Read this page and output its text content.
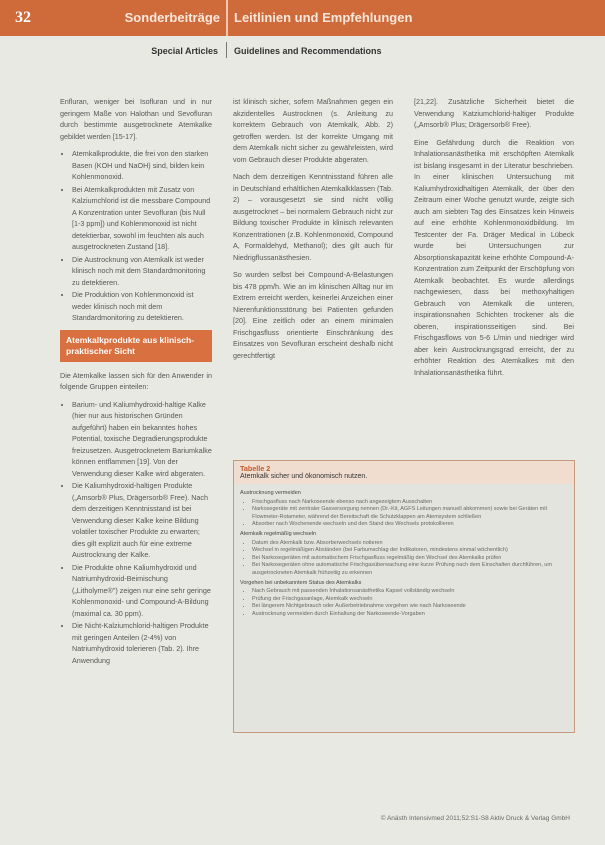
32	Sonderbeiträge Leitlinien und Empfehlungen
Special Articles Guidelines and Recommendations

Enfluran, weniger bei Isofluran und in nur geringem Maße von Halothan und Sevofluran durch bestimmte ausgetrocknete Atemkalke gebildet werden [15-17].

• Atemkalkprodukte, die frei von den starken Basen (KOH und NaOH) sind, bilden kein Kohlenmonoxid.
• Bei Atemkalkprodukten mit Zusatz von Kalziumchlorid ist die messbare Compound A Konzentration unter Sevofluran (bis Null [1-3 ppm]) und Kohlenmonoxid ist nicht detektierbar, sowohl im feuchten als auch ausgetrockneten Zustand [18].
• Die Austrocknung von Atemkalk ist weder klinisch noch mit dem Standardmonitoring zu detektieren.
• Die Produktion von Kohlenmonoxid ist weder klinisch noch mit dem Standardmonitoring zu detektieren.
Atemkalkprodukte aus klinisch-praktischer Sicht

Die Atemkalke lassen sich für den Anwender in folgende Gruppen einteilen:

• Barium- und Kaliumhydroxid-haltige Kalke (hier nur aus historischen Gründen aufgeführt) haben ein bekanntes hohes Potential, toxische Degradierungsprodukte freizusetzen. Ausgetrocknetem Bariumkalke können entflammen [19]. Von der Verwendung dieser Kalke wird abgeraten.
• Die Kaliumhydroxid-haltigen Produkte („Amsorb® Plus, Drägersorb® Free). Nach dem derzeitigen Kenntnisstand ist bei Verwendung dieser Kalke keine Bildung volatiler toxischer Produkte zu erwarten; dies gilt explizit auch für eine extreme Austrocknung der Kalke.
• Die Produkte ohne Kaliumhydroxid und Natriumhydroxid-Beimischung („Litholyme®") zeigen nur eine sehr geringe Kohlenmonoxid- und Compound-A-Bildung (maximal ca. 30 ppm).
• Die Nicht-Kalziumchlorid-haltigen Produkte mit geringen Anteilen (2-4%) von Natriumhydroxid tolerieren (Tab. 2). Ihre Anwendung

ist klinisch sicher, sofern Maßnahmen gegen ein akzidentelles Austrocknen (s. Anleitung zu korrektem Gebrauch von Atemkalk, Abb. 2) getroffen werden. Ist der korrekte Umgang mit dem Atemkalk nicht sicher zu gewährleisten, wird vom Gebrauch dieser Produkte abgeraten.

Nach dem derzeitigen Kenntnisstand führen alle in Deutschland erhältlichen Atemkalkklassen (Tab. 2) – vorausgesetzt sie sind nicht völlig ausgetrocknet – bei normalem Gebrauch nicht zur Bildung toxischer Produkte in klinisch relevanten Konzentrationen (z.B. Kohlenmonoxid, Compound A, Formaldehyd, Methanol); dies gilt auch für Niedrigflussanästhesien.

So wurden selbst bei Compound-A-Belastungen bis 478 ppm/h. Wie an im klinischen Alltag nur im Extrem erreicht werden, keinerlei Anzeichen einer Nierenfunktionsstörung bei Patienten gefunden [20]. Eine zeitlich oder an einem minimalen Frischgasfluss orientierte Einschränkung des Einsatzes von Sevofluran erscheint deshalb nicht gerechtfertigt

[21,22]. Zusätzliche Sicherheit bietet die Verwendung Katziumchlorid-haltiger Produkte („Amsorb® Plus; Drägersorb® Free).

Eine Gefährdung durch die Reaktion von Inhalationsanästhetika mit erschöpften Atemkalk ist bislang insgesamt in der Literatur beschrieben. In einer klinischen Untersuchung mit Kaliumhydroxidhaltigen Atemkalk, der über den Zeitraum einer Woche genutzt wurde, zeigte sich auch am siebten Tag des Einsatzes kein Hinweis auf eine erhöhte Kohlenmonoxidbildung. Im Testcenter der Fa. Dräger Medical in Lübeck wurde bei Untersuchungen zur Absorptionskapazität keine erhöhte Compound-A-Konzentration zum Zeitpunkt der Erschöpfung von Atemkalk beobachtet. Es wurde allerdings nachgewiesen, dass bei methoxyhaltigen Gebrauch von Atemkalk die unteren, inspirationsnahen Schichten trockener als die oberen, inspirationsseitigen sind. Bei Frischgasflows von 5-6 L/min und niedriger wird aber kein Austrocknungsgrad erreicht, der zu erhöhter Reaktion des Atemkalkes mit den Inhalationsanästhetika führt.

Tabelle 2
Atemkalk sicher und ökonomisch nutzen.
Austrocknung vermeiden
• Frischgasfluss nach Narkoseende ebenso nach angezeigtem Ausschalten
• Narkosegeräte mit zentraler Gasversorgung nennen (Dr.-Kit, AGFS Leitungen manuell abkommen) sowie bei Geräten mit Flowmeter-Rotameter, während der Bereitschaft die Schutzklappen am Atemsystem schließen
• Absorber nach Wochenende wechseln und den Stand des Wechsels protokollieren
Atemkalk regelmäßig wechseln
• Datum des Atemkalk bzw. Absorberwechsels notieren
• Wechsel in regelmäßigen Abständen (bei Farbumschlag der Indikatoren, mindestens einmal wöchentlich)
• Bei Narkosegeräten mit automatischem Frischgasfluss regelmäßig den Wechsel des Atemkalks prüfen
• Bei Narkosegeräten ohne automatische Frischgasüberwachung eine kurze Prüfung nach dem Einschalten durchführen, um ausgetrockneten Atemkalk frühzeitig zu erkennen
Vorgehen bei unbekanntem Status des Atemkalks
• Nach Gebrauch mit passenden Inhalationsanästhetika Kapsel vollständig wechseln
• Prüfung der Frischgasanlage, Atemkalk wechseln
• Bei längerem Nichtgebrauch oder Außerbetriebnahme vorgehen wie nach Narkoseende
• Austrocknung vermeiden durch Einhaltung der Narkoseende-Vorgaben
© Anästh Intensivmed 2011;52:S1-S8 Aktiv Druck & Verlag GmbH
